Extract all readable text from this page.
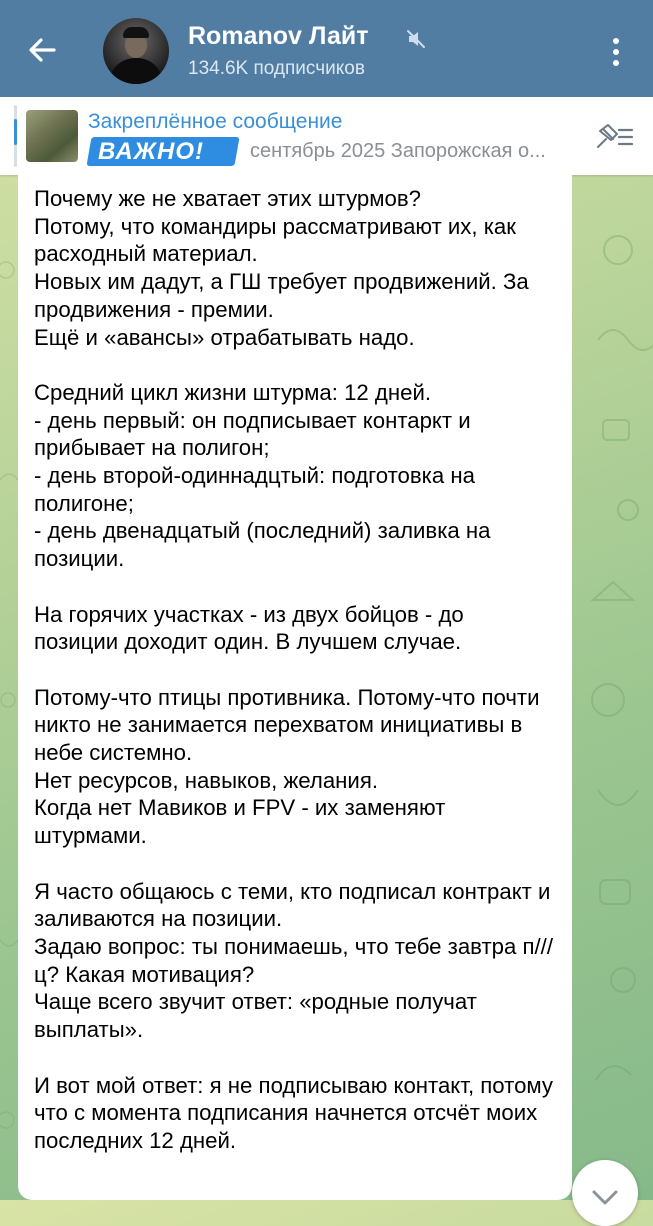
Romanov Лайт
134.6K подписчиков
Закреплённое сообщение
ВАЖНО! сентябрь 2025 Запорожская о...
Почему же не хватает этих штурмов?
Потому, что командиры рассматривают их, как расходный материал.
Новых им дадут, а ГШ требует продвижений. За продвижения - премии.
Ещё и «авансы» отрабатывать надо.

Средний цикл жизни штурма: 12 дней.
- день первый: он подписывает контаркт и прибывает на полигон;
- день второй-одиннадцтый: подготовка на полигоне;
- день двенадцатый (последний) заливка на позиции.

На горячих участках - из двух бойцов - до позиции доходит один. В лучшем случае.

Потому-что птицы противника. Потому-что почти никто не занимается перехватом инициативы в небе системно.
Нет ресурсов, навыков, желания.
Когда нет Мавиков и FPV - их заменяют штурмами.

Я часто общаюсь с теми, кто подписал контракт и заливаются на позиции.
Задаю вопрос: ты понимаешь, что тебе завтра п///ц? Какая мотивация?
Чаще всего звучит ответ: «родные получат выплаты».

И вот мой ответ: я не подписываю контакт, потому что с момента подписания начнется отсчёт моих последних 12 дней.
